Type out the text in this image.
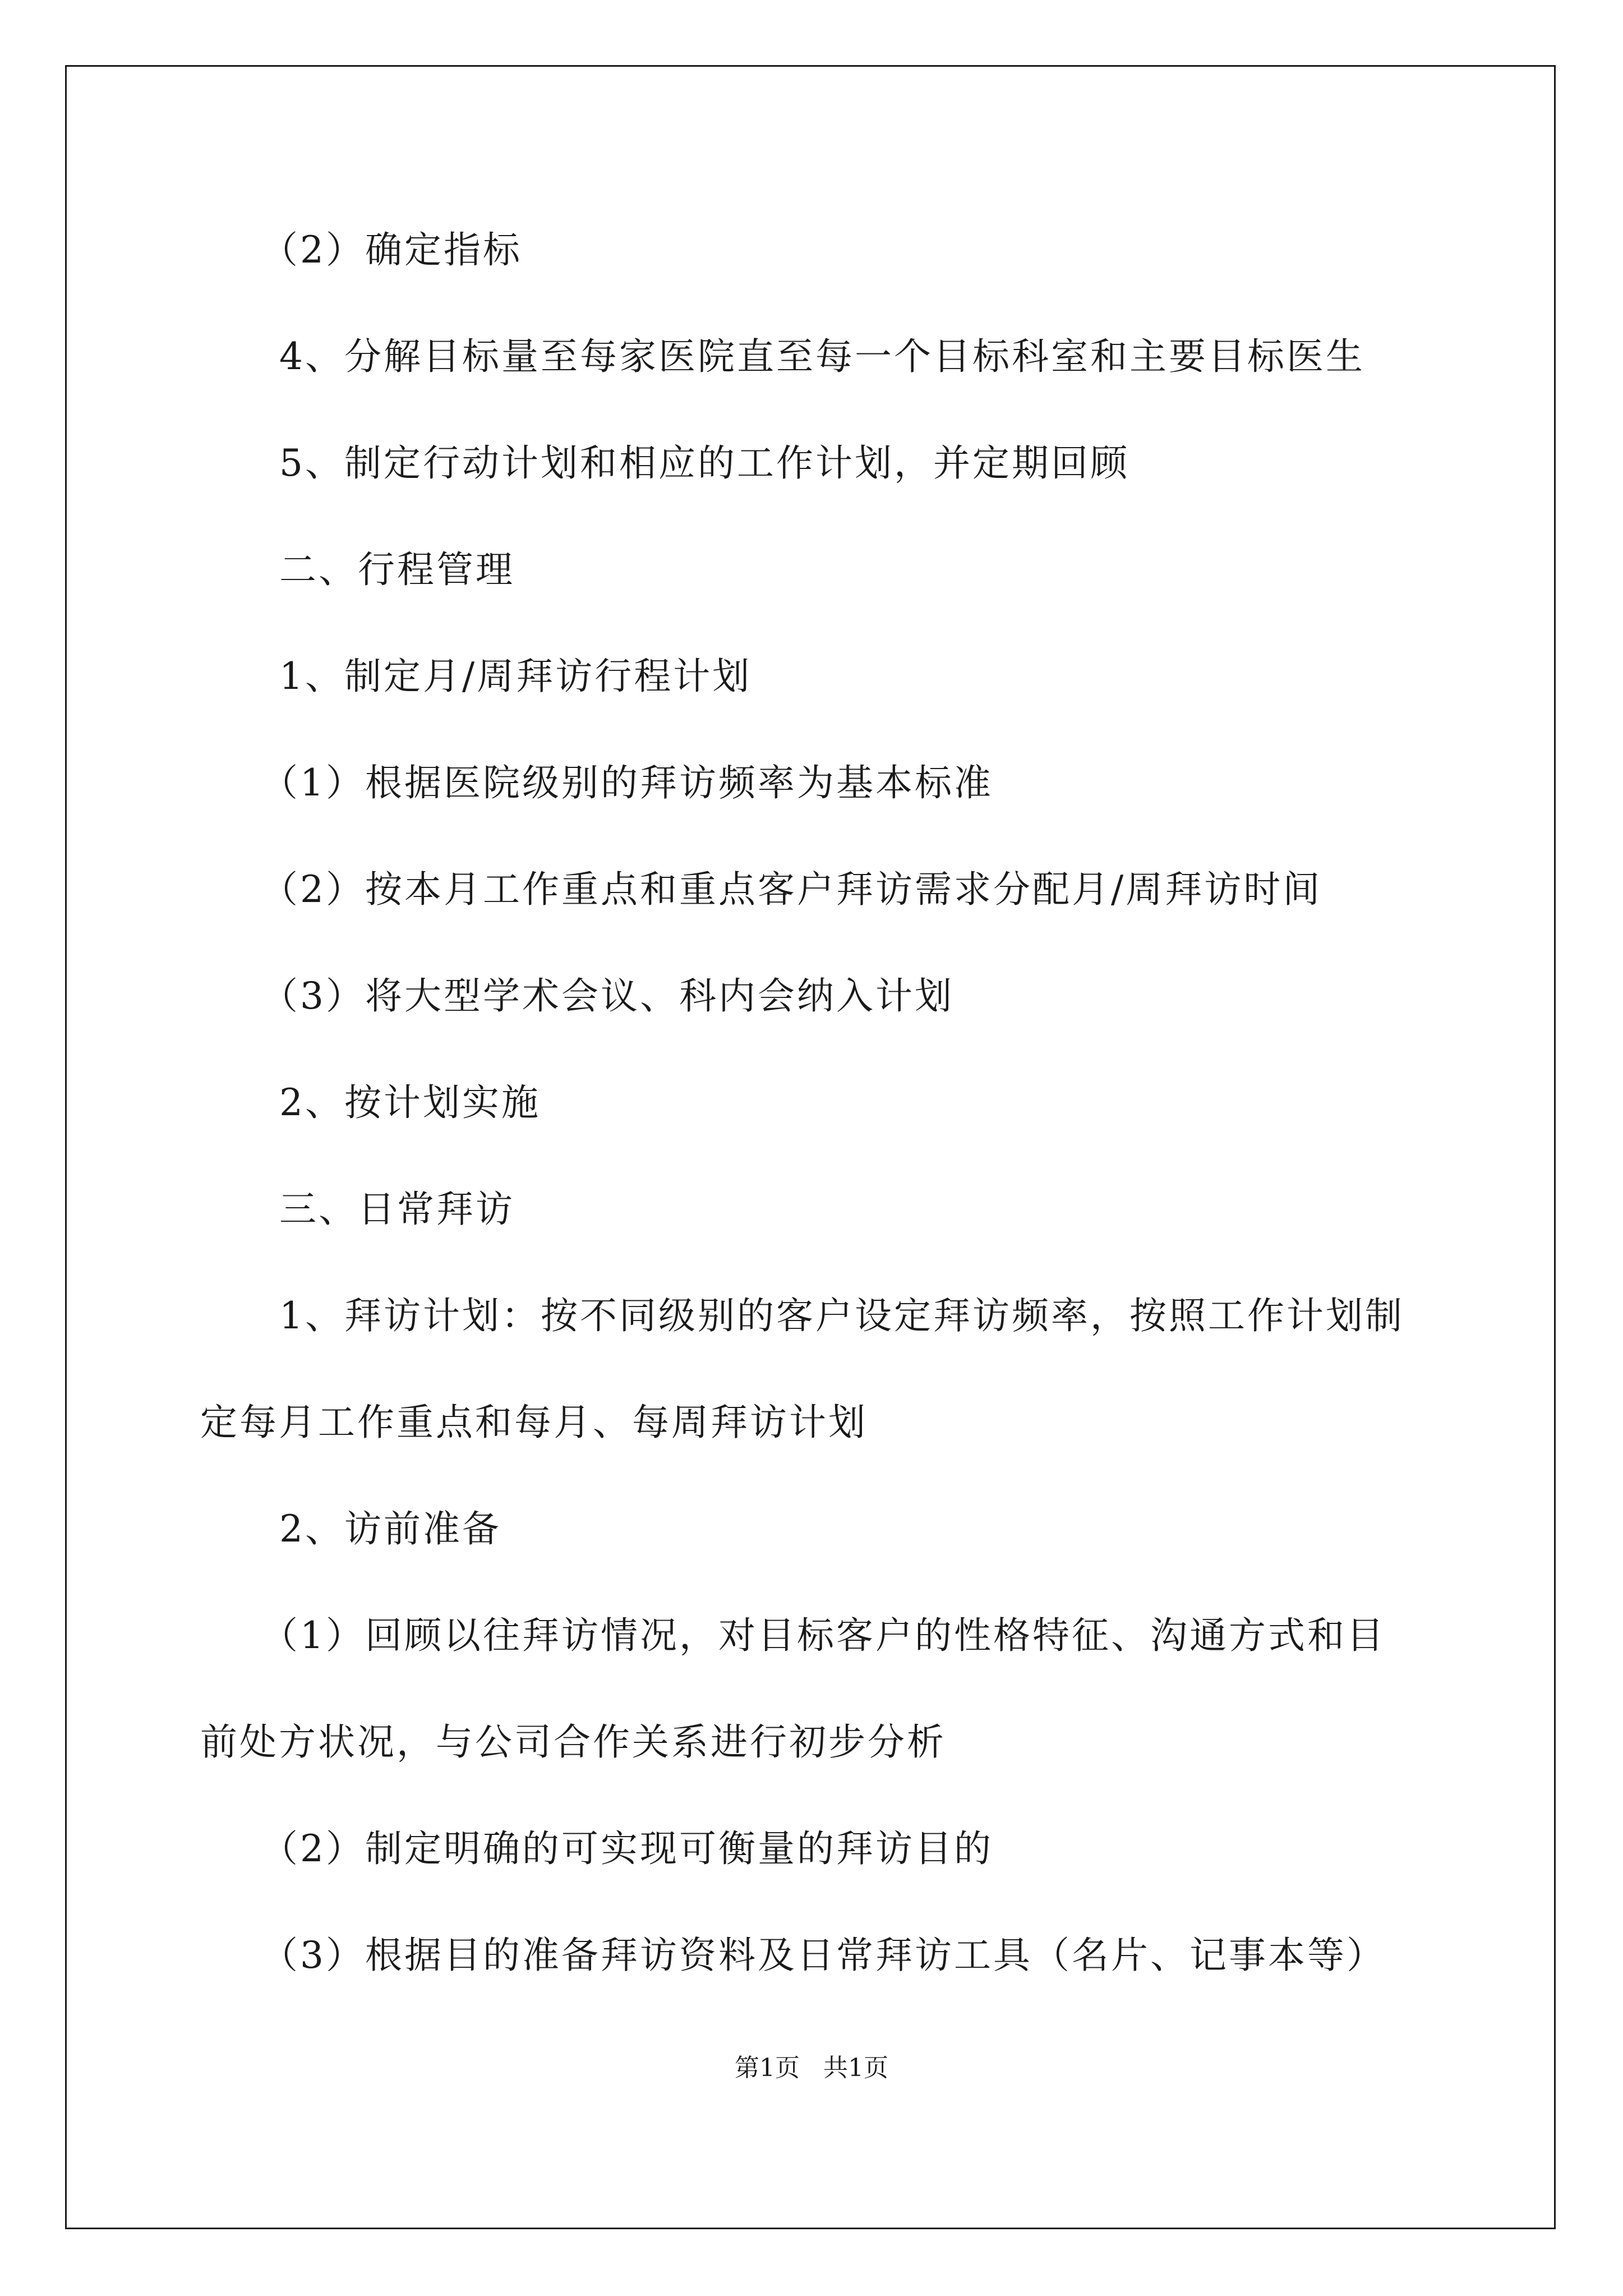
（2）确定指标
4、分解目标量至每家医院直至每一个目标科室和主要目标医生
5、制定行动计划和相应的工作计划，并定期回顾
二、行程管理
1、制定月/周拜访行程计划
（1）根据医院级别的拜访频率为基本标准
（2）按本月工作重点和重点客户拜访需求分配月/周拜访时间
（3）将大型学术会议、科内会纳入计划
2、按计划实施
三、日常拜访
1、拜访计划：按不同级别的客户设定拜访频率，按照工作计划制
定每月工作重点和每月、每周拜访计划
2、访前准备
（1）回顾以往拜访情况，对目标客户的性格特征、沟通方式和目
前处方状况，与公司合作关系进行初步分析
（2）制定明确的可实现可衡量的拜访目的
（3）根据目的准备拜访资料及日常拜访工具（名片、记事本等）
第1页   共1页
